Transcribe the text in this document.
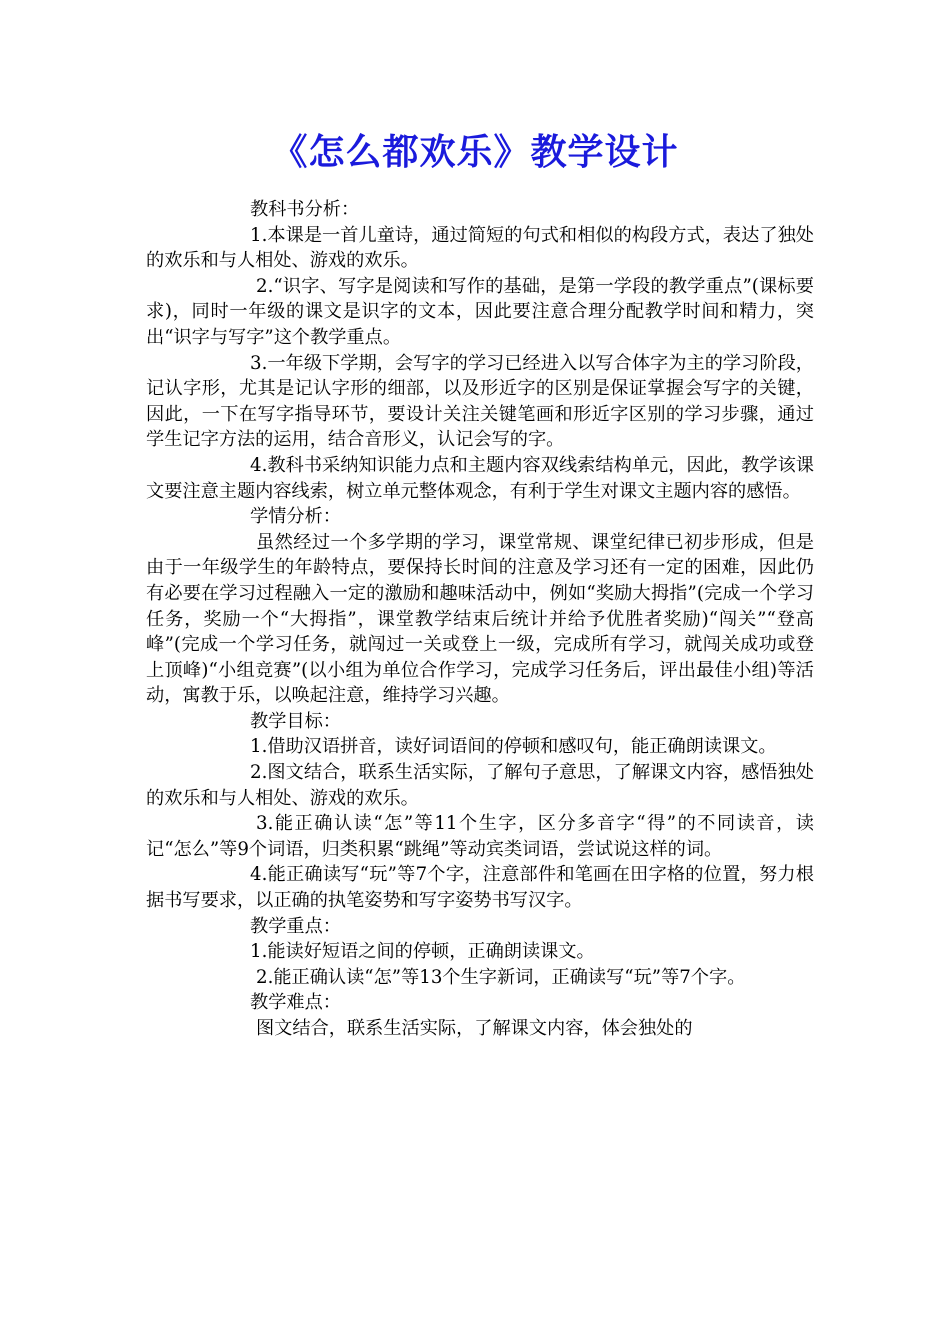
《怎么都欢乐》教学设计

教科书分析：

1.本课是一首儿童诗，通过简短的句式和相似的构段方式，表达了独处的欢乐和与人相处、游戏的欢乐。

2.“识字、写字是阅读和写作的基础，是第一学段的教学重点”(课标要求)，同时一年级的课文是识字的文本，因此要注意合理分配教学时间和精力，突出“识字与写字”这个教学重点。

3.一年级下学期，会写字的学习已经进入以写合体字为主的学习阶段，记认字形，尤其是记认字形的细部，以及形近字的区别是保证掌握会写字的关键，因此，一下在写字指导环节，要设计关注关键笔画和形近字区别的学习步骤，通过学生记字方法的运用，结合音形义，认记会写的字。

4.教科书采纳知识能力点和主题内容双线索结构单元，因此，教学该课文要注意主题内容线索，树立单元整体观念，有利于学生对课文主题内容的感悟。

学情分析：

虽然经过一个多学期的学习，课堂常规、课堂纪律已初步形成，但是由于一年级学生的年龄特点，要保持长时间的注意及学习还有一定的困难，因此仍有必要在学习过程融入一定的激励和趣味活动中，例如“奖励大拇指”(完成一个学习任务，奖励一个“大拇指”，课堂教学结束后统计并给予优胜者奖励)“闯关”“登高峰”(完成一个学习任务，就闯过一关或登上一级，完成所有学习，就闯关成功或登上顶峰)“小组竞赛”(以小组为单位合作学习，完成学习任务后，评出最佳小组)等活动，寓教于乐，以唤起注意，维持学习兴趣。

教学目标：

1.借助汉语拼音，读好词语间的停顿和感叹句，能正确朗读课文。

2.图文结合，联系生活实际，了解句子意思，了解课文内容，感悟独处的欢乐和与人相处、游戏的欢乐。

3.能正确认读“怎”等11个生字，区分多音字“得”的不同读音，读记“怎么”等9个词语，归类积累“跳绳”等动宾类词语，尝试说这样的词。

4.能正确读写“玩”等7个字，注意部件和笔画在田字格的位置，努力根据书写要求，以正确的执笔姿势和写字姿势书写汉字。

教学重点：

1.能读好短语之间的停顿，正确朗读课文。

2.能正确认读“怎”等13个生字新词，正确读写“玩”等7个字。

教学难点：

图文结合，联系生活实际，了解课文内容，体会独处的
